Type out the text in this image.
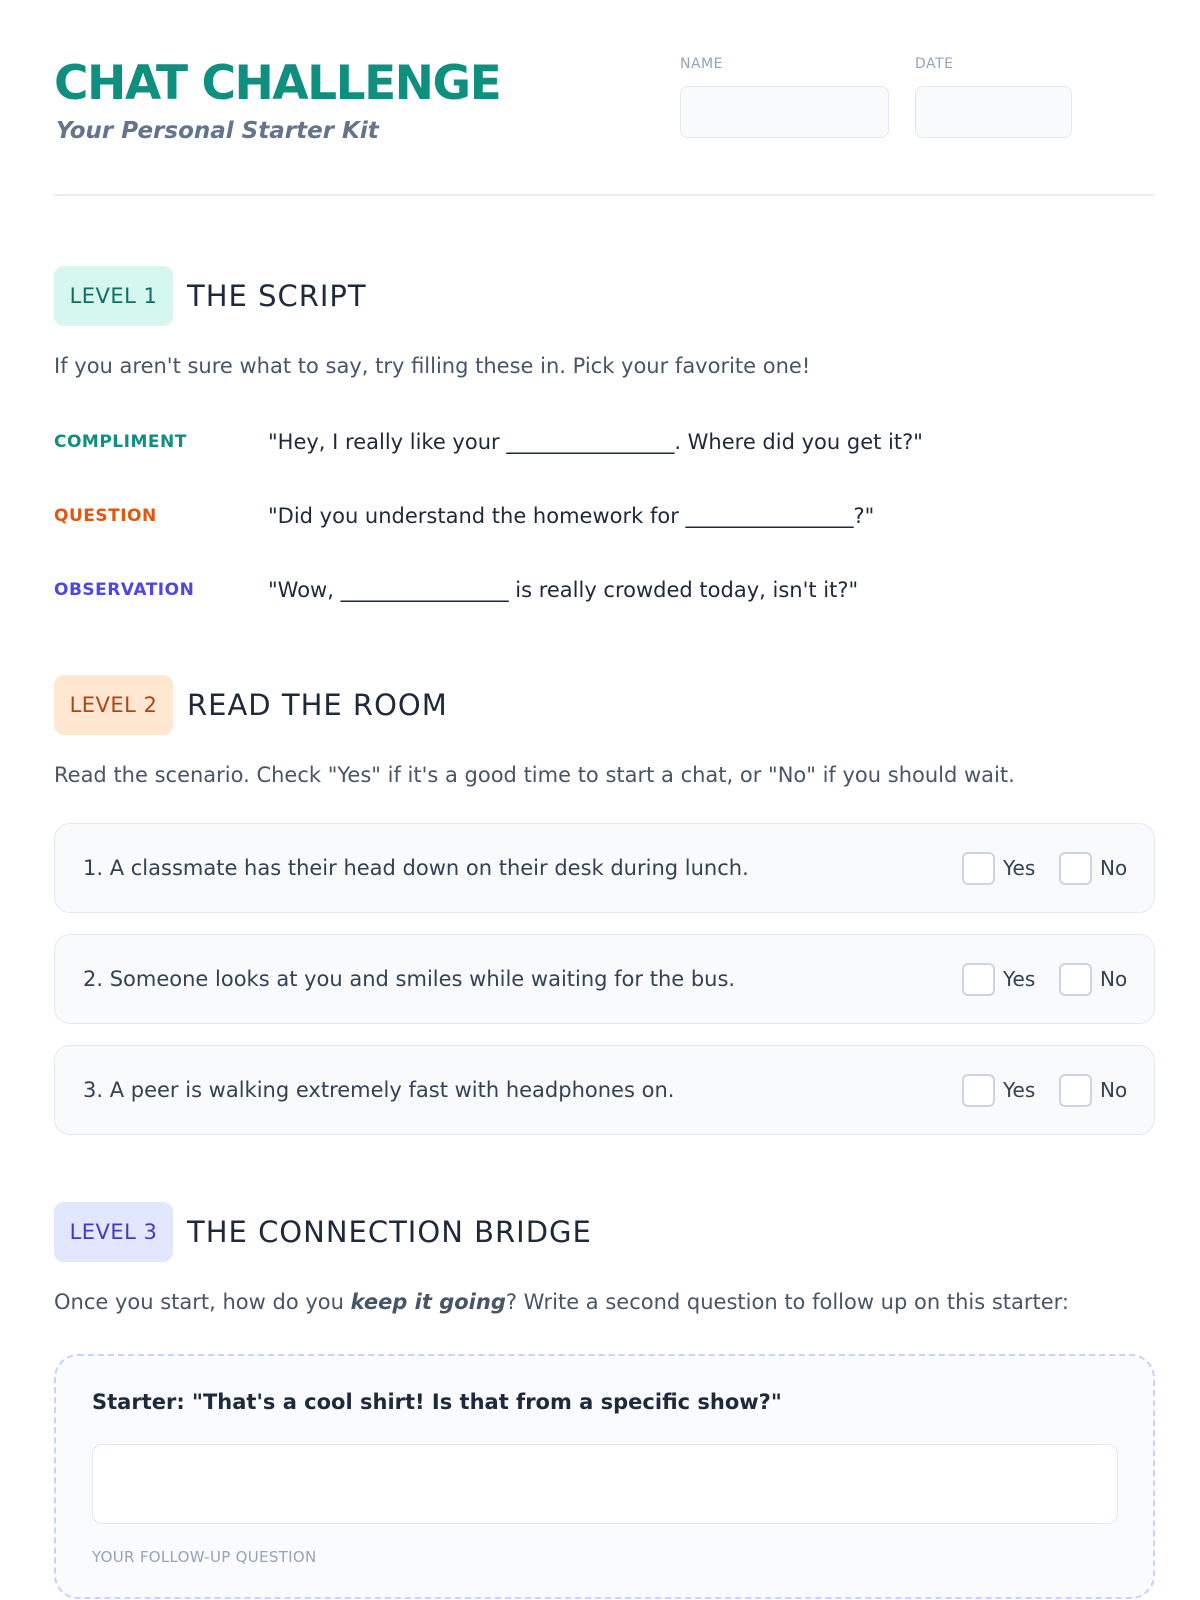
CHAT CHALLENGE
Your Personal Starter Kit
NAME	DATE
LEVEL 1	THE SCRIPT
If you aren't sure what to say, try filling these in. Pick your favorite one!
COMPLIMENT	"Hey, I really like your ________________. Where did you get it?"
QUESTION	"Did you understand the homework for ________________?"
OBSERVATION	"Wow, ________________ is really crowded today, isn't it?"
LEVEL 2	READ THE ROOM
Read the scenario. Check "Yes" if it's a good time to start a chat, or "No" if you should wait.
1. A classmate has their head down on their desk during lunch.	Yes	No
2. Someone looks at you and smiles while waiting for the bus.	Yes	No
3. A peer is walking extremely fast with headphones on.	Yes	No
LEVEL 3	THE CONNECTION BRIDGE
Once you start, how do you keep it going? Write a second question to follow up on this starter:
Starter: "That's a cool shirt! Is that from a specific show?"
YOUR FOLLOW-UP QUESTION
